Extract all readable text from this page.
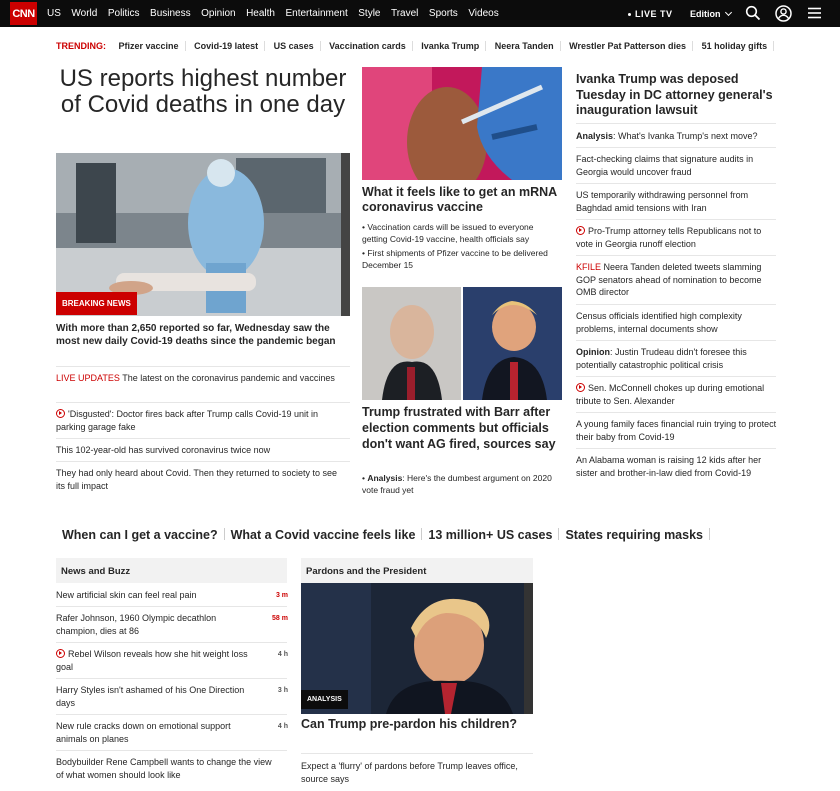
CNN US World Politics Business Opinion Health Entertainment Style Travel Sports Videos	LIVE TV Edition
TRENDING: Pfizer vaccine Covid-19 latest US cases Vaccination cards Ivanka Trump Neera Tanden Wrestler Pat Patterson dies 51 holiday gifts
US reports highest number of Covid deaths in one day
BREAKING NEWS
With more than 2,650 reported so far, Wednesday saw the most new daily Covid-19 deaths since the pandemic began
LIVE UPDATES The latest on the coronavirus pandemic and vaccines
'Disgusted': Doctor fires back after Trump calls Covid-19 unit in parking garage fake
This 102-year-old has survived coronavirus twice now
They had only heard about Covid. Then they returned to society to see its full impact
What it feels like to get an mRNA coronavirus vaccine
• Vaccination cards will be issued to everyone getting Covid-19 vaccine, health officials say
• First shipments of Pfizer vaccine to be delivered December 15
Trump frustrated with Barr after election comments but officials don't want AG fired, sources say
• Analysis: Here's the dumbest argument on 2020 vote fraud yet
Ivanka Trump was deposed Tuesday in DC attorney general's inauguration lawsuit
Analysis: What's Ivanka Trump's next move?
Fact-checking claims that signature audits in Georgia would uncover fraud
US temporarily withdrawing personnel from Baghdad amid tensions with Iran
Pro-Trump attorney tells Republicans not to vote in Georgia runoff election
KFILE Neera Tanden deleted tweets slamming GOP senators ahead of nomination to become OMB director
Census officials identified high complexity problems, internal documents show
Opinion: Justin Trudeau didn't foresee this potentially catastrophic political crisis
Sen. McConnell chokes up during emotional tribute to Sen. Alexander
A young family faces financial ruin trying to protect their baby from Covid-19
An Alabama woman is raising 12 kids after her sister and brother-in-law died from Covid-19
When can I get a vaccine? What a Covid vaccine feels like 13 million+ US cases States requiring masks
News and Buzz
New artificial skin can feel real pain	3 m
Rafer Johnson, 1960 Olympic decathlon champion, dies at 86
58 m
Rebel Wilson reveals how she hit weight loss goal
4 h
Harry Styles isn't ashamed of his One Direction days
3 h
New rule cracks down on emotional support animals on planes
4 h
Bodybuilder Rene Campbell wants to change the view of what women should look like
Pardons and the President
ANALYSIS
Can Trump pre-pardon his children?
Expect a 'flurry' of pardons before Trump leaves office, source says
